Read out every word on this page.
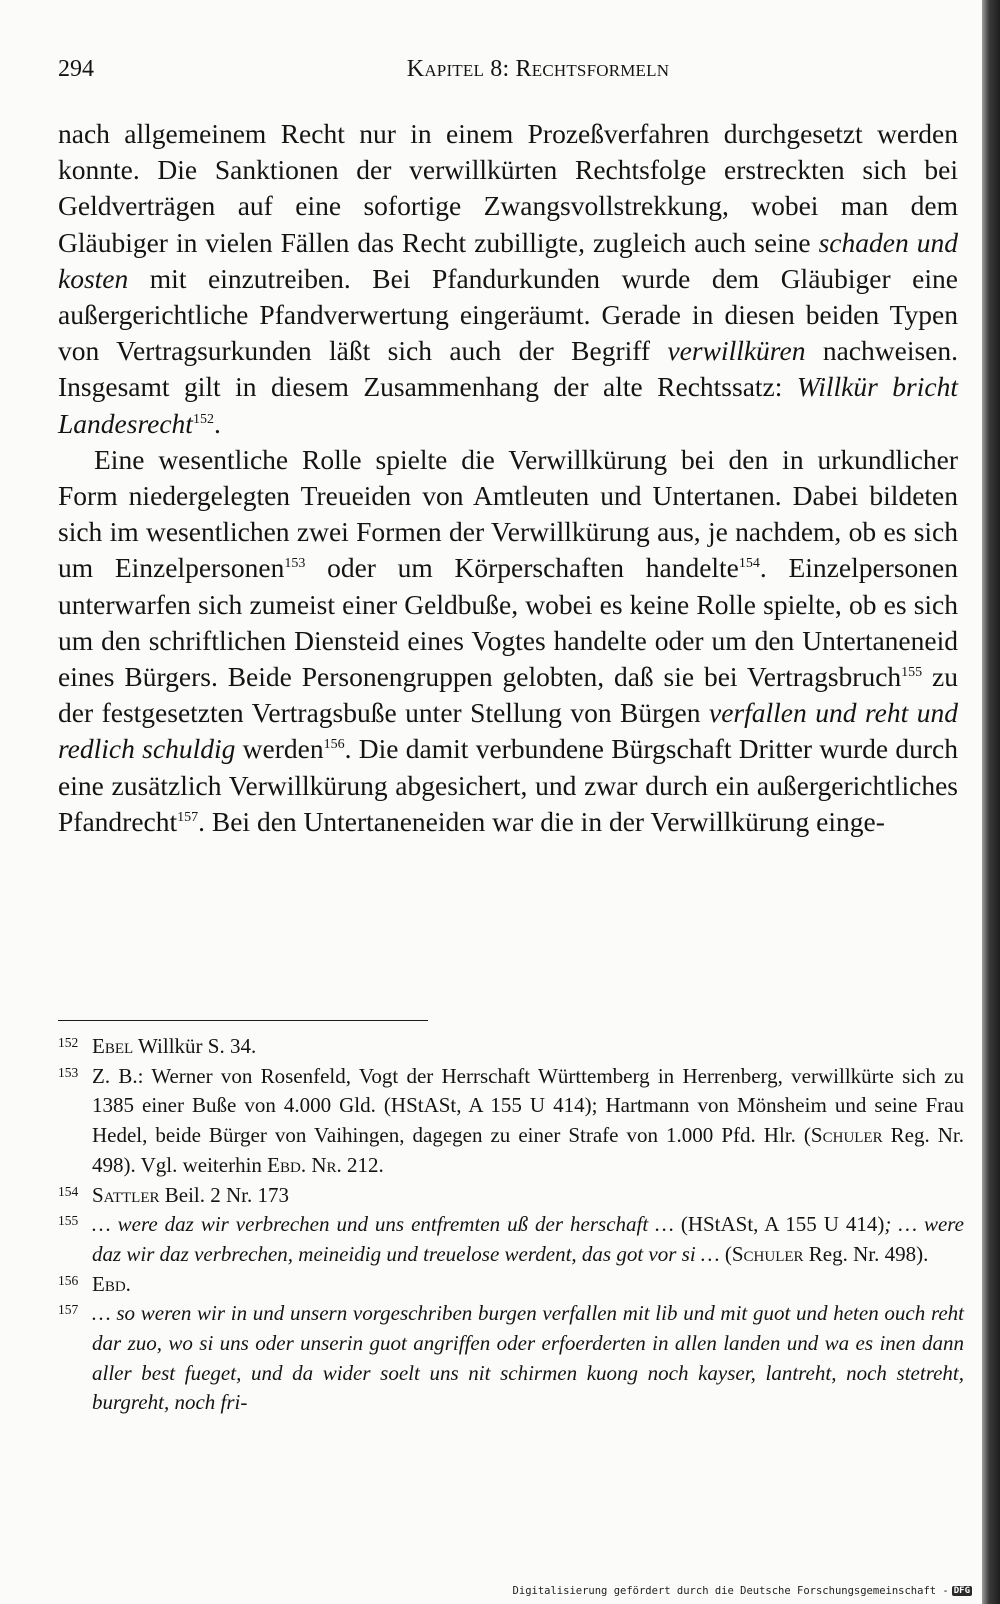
294	Kapitel 8: Rechtsformeln

nach allgemeinem Recht nur in einem Prozeßverfahren durchgesetzt werden konnte. Die Sanktionen der verwillkürten Rechtsfolge erstreckten sich bei Geldverträgen auf eine sofortige Zwangsvollstrekkung, wobei man dem Gläubiger in vielen Fällen das Recht zubilligte, zugleich auch seine schaden und kosten mit einzutreiben. Bei Pfandurkunden wurde dem Gläubiger eine außergerichtliche Pfandverwertung eingeräumt. Gerade in diesen beiden Typen von Vertragsurkunden läßt sich auch der Begriff verwillküren nachweisen. Insgesamt gilt in diesem Zusammenhang der alte Rechtssatz: Willkür bricht Landesrecht$^{152}$.

Eine wesentliche Rolle spielte die Verwillkürung bei den in urkundlicher Form niedergelegten Treueiden von Amtleuten und Untertanen. Dabei bildeten sich im wesentlichen zwei Formen der Verwillkürung aus, je nachdem, ob es sich um Einzelpersonen$^{153}$ oder um Körperschaften handelte$^{154}$. Einzelpersonen unterwarfen sich zumeist einer Geldbuße, wobei es keine Rolle spielte, ob es sich um den schriftlichen Diensteid eines Vogtes handelte oder um den Untertaneneid eines Bürgers. Beide Personengruppen gelobten, daß sie bei Vertragsbruch$^{155}$ zu der festgesetzten Vertragsbuße unter Stellung von Bürgen verfallen und reht und redlich schuldig werden$^{156}$. Die damit verbundene Bürgschaft Dritter wurde durch eine zusätzlich Verwillkürung abgesichert, und zwar durch ein außergerichtliches Pfandrecht$^{157}$. Bei den Untertaneneiden war die in der Verwillkürung einge-

152 Ebel Willkür S. 34.
153 Z. B.: Werner von Rosenfeld, Vogt der Herrschaft Württemberg in Herrenberg, verwillkürte sich zu 1385 einer Buße von 4.000 Gld. (HStASt, A 155 U 414); Hartmann von Mönsheim und seine Frau Hedel, beide Bürger von Vaihingen, dagegen zu einer Strafe von 1.000 Pfd. Hlr. (Schuler Reg. Nr. 498). Vgl. weiterhin Ebd. Nr. 212.
154 Sattler Beil. 2 Nr. 173
155 … were daz wir verbrechen und uns entfremten uß der herschaft … (HStASt, A 155 U 414); … were daz wir daz verbrechen, meineidig und treuelose werdent, das got vor si … (Schuler Reg. Nr. 498).
156 Ebd.
157 … so weren wir in und unsern vorgeschriben burgen verfallen mit lib und mit guot und heten ouch reht dar zuo, wo si uns oder unserin guot angriffen oder erfoerderten in allen landen und wa es inen dann aller best fueget, und da wider soelt uns nit schirmen kuong noch kayser, lantreht, noch stetreht, burgreht, noch fri-
Digitalisierung gefördert durch die Deutsche Forschungsgemeinschaft - DFG
